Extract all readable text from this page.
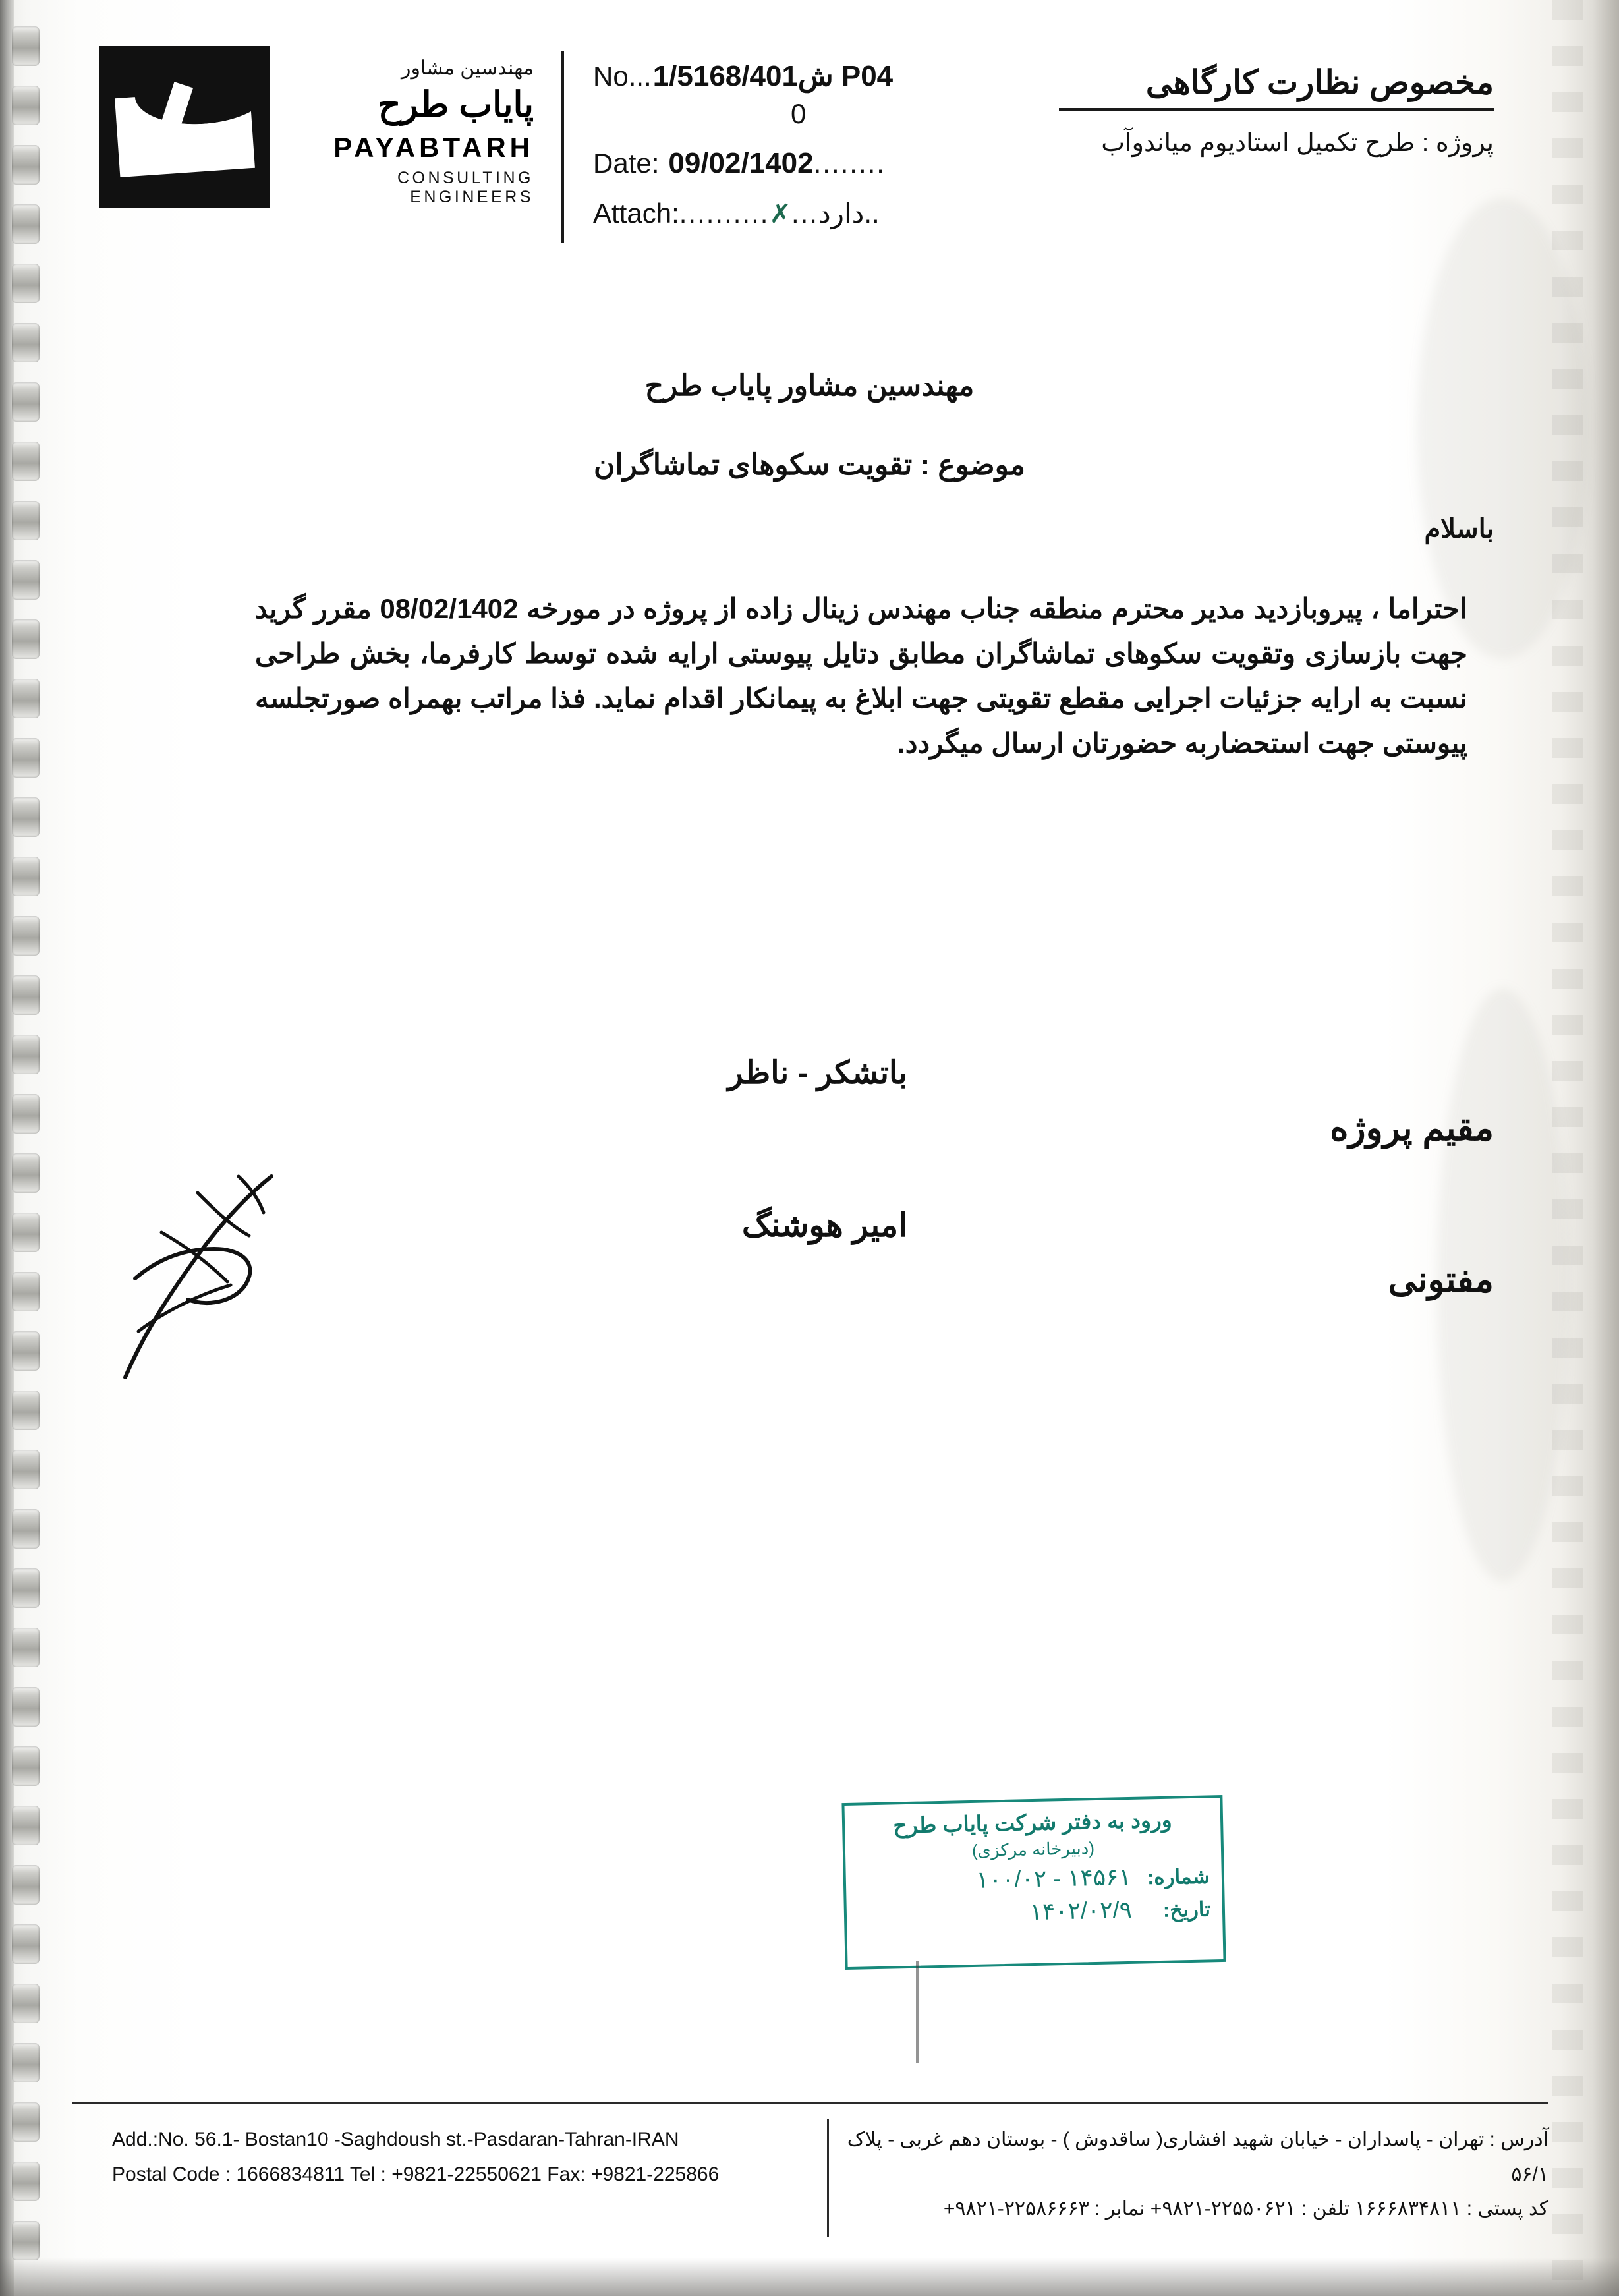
مهندسین مشاور
پایاب طرح
PAYABTARH
CONSULTING ENGINEERS
No...1/5168/401ش P04
0
Date: 09/02/1402........
Attach:..........✗...دارد..
مخصوص نظارت کارگاهی
پروژه : طرح تکمیل استادیوم میاندوآب
مهندسین مشاور پایاب طرح
موضوع : تقویت سکوهای تماشاگران
باسلام
احتراما ، پیروبازدید مدیر محترم منطقه جناب مهندس زینال زاده از پروژه در مورخه 08/02/1402 مقرر گرید جهت بازسازی وتقویت سکوهای تماشاگران مطابق دتایل پیوستی ارایه شده توسط کارفرما، بخش طراحی نسبت به ارایه جزئیات اجرایی مقطع تقویتی جهت ابلاغ به پیمانکار اقدام نماید. فذا مراتب بهمراه صورتجلسه پیوستی جهت استحضاربه حضورتان ارسال میگردد.
باتشکر - ناظر
امیر هوشنگ
مقیم پروژه
مفتونی
ورود به دفتر شرکت پایاب طرح
(دبیرخانه مرکزی)
شماره:
۱۴۵۶۱ - ۱۰۰/۰۲
تاریخ:
۱۴۰۲/۰۲/۹
آدرس : تهران - پاسداران - خیابان شهید افشاری( ساقدوش ) - بوستان دهم غربی - پلاک ۵۶/۱
کد پستی : ۱۶۶۶۸۳۴۸۱۱ تلفن : ۲۲۵۵۰۶۲۱-۹۸۲۱+ نمابر : ۲۲۵۸۶۶۶۳-۹۸۲۱+
Add.:No. 56.1- Bostan10 -Saghdoush st.-Pasdaran-Tahran-IRAN
Postal Code : 1666834811 Tel : +9821-22550621 Fax: +9821-225866
